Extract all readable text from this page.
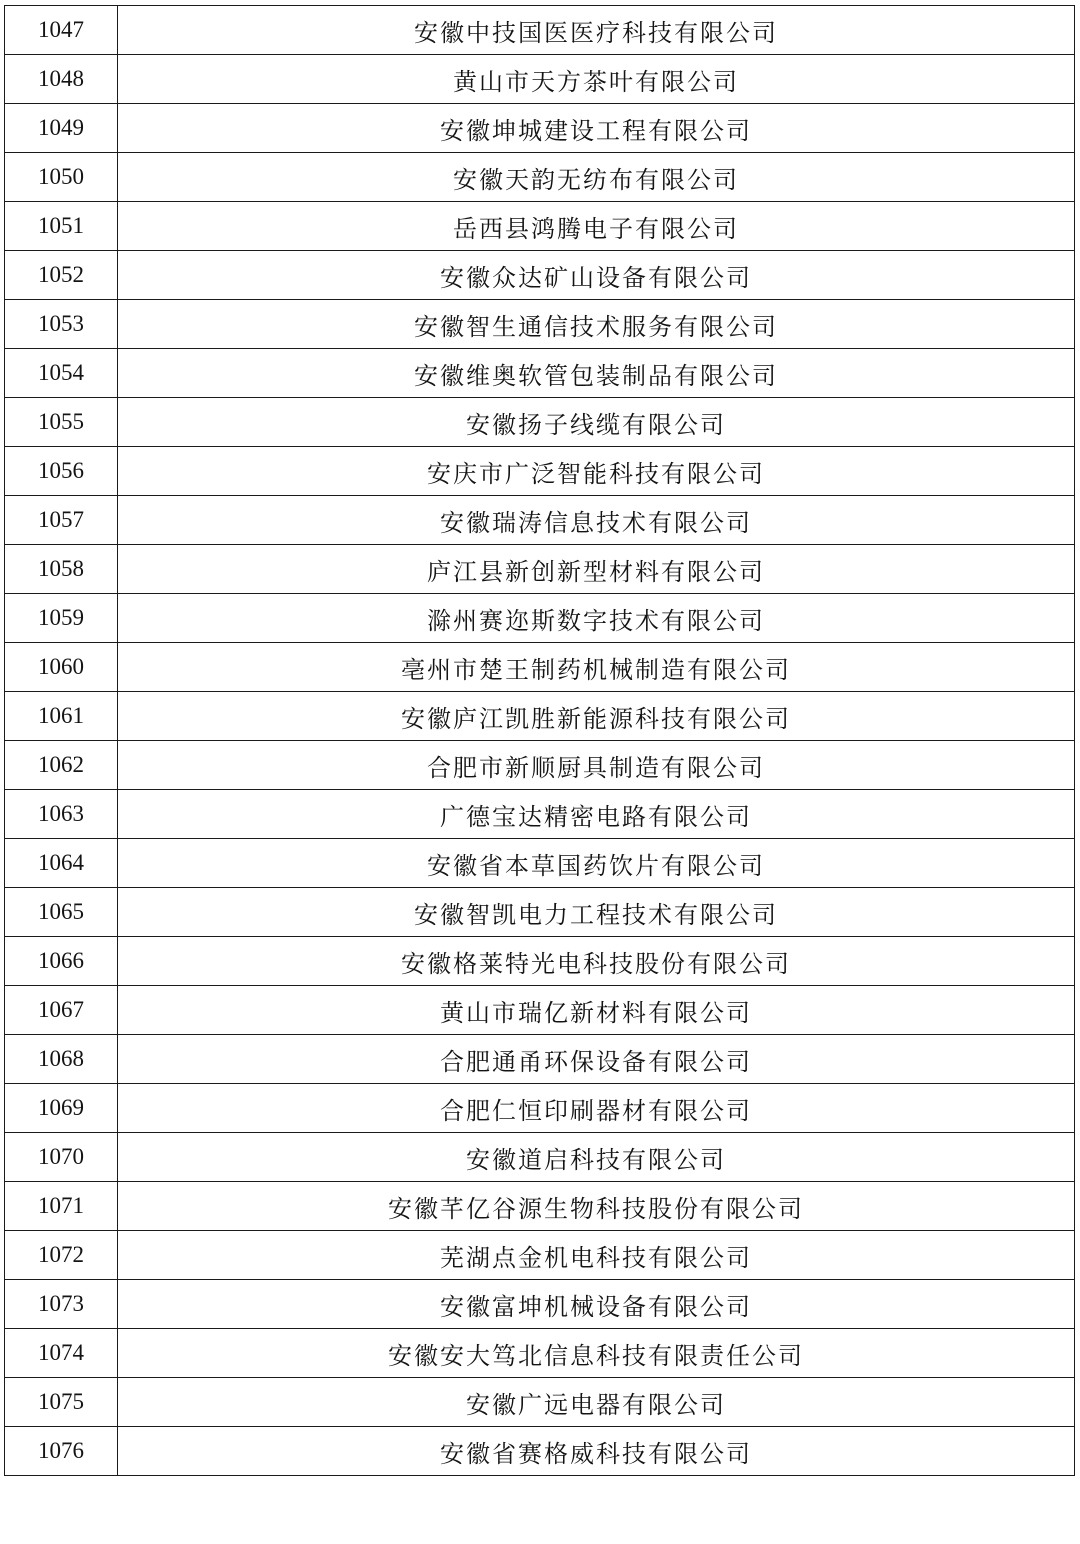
1047	安徽中技国医医疗科技有限公司
1048	黄山市天方茶叶有限公司
1049	安徽坤城建设工程有限公司
1050	安徽天韵无纺布有限公司
1051	岳西县鸿腾电子有限公司
1052	安徽众达矿山设备有限公司
1053	安徽智生通信技术服务有限公司
1054	安徽维奥软管包装制品有限公司
1055	安徽扬子线缆有限公司
1056	安庆市广泛智能科技有限公司
1057	安徽瑞涛信息技术有限公司
1058	庐江县新创新型材料有限公司
1059	滁州赛迩斯数字技术有限公司
1060	亳州市楚王制药机械制造有限公司
1061	安徽庐江凯胜新能源科技有限公司
1062	合肥市新顺厨具制造有限公司
1063	广德宝达精密电路有限公司
1064	安徽省本草国药饮片有限公司
1065	安徽智凯电力工程技术有限公司
1066	安徽格莱特光电科技股份有限公司
1067	黄山市瑞亿新材料有限公司
1068	合肥通甬环保设备有限公司
1069	合肥仁恒印刷器材有限公司
1070	安徽道启科技有限公司
1071	安徽芊亿谷源生物科技股份有限公司
1072	芜湖点金机电科技有限公司
1073	安徽富坤机械设备有限公司
1074	安徽安大笃北信息科技有限责任公司
1075	安徽广远电器有限公司
1076	安徽省赛格威科技有限公司
